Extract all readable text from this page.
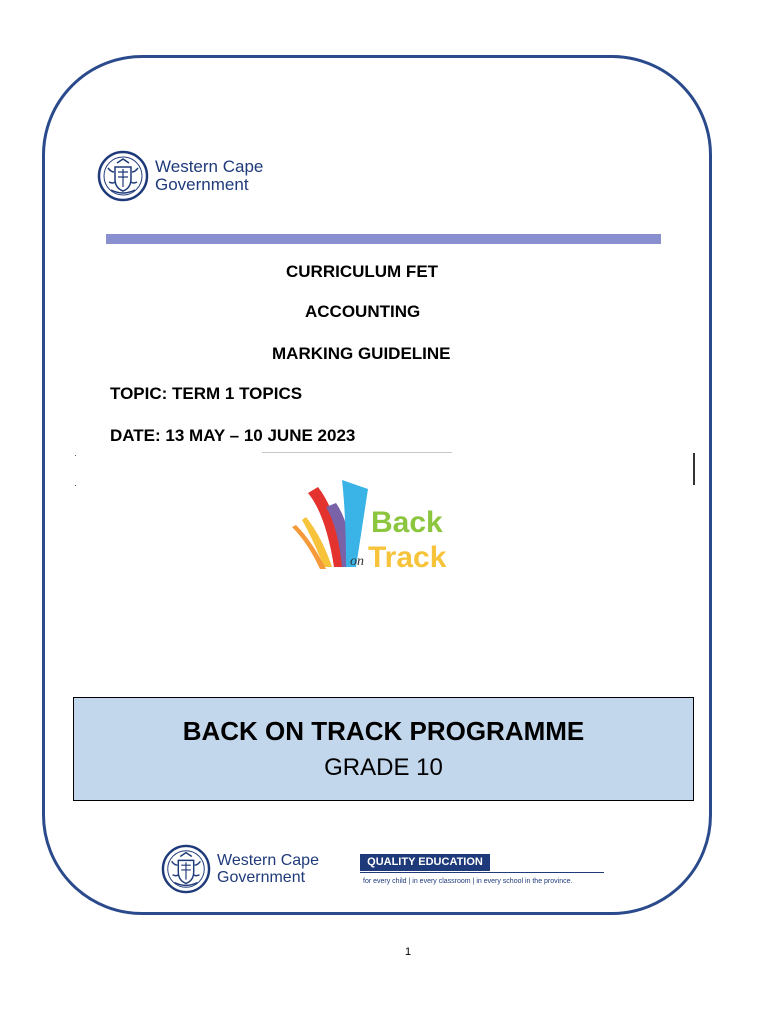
Western Cape
Government
CURRICULUM FET
ACCOUNTING
MARKING GUIDELINE
TOPIC: TERM 1 TOPICS
DATE: 13 MAY – 10 JUNE 2023
Back
on Track
BACK ON TRACK PROGRAMME
GRADE 10
Western Cape
Government
QUALITY EDUCATION
for every child | in every classroom | in every school in the province.
1
